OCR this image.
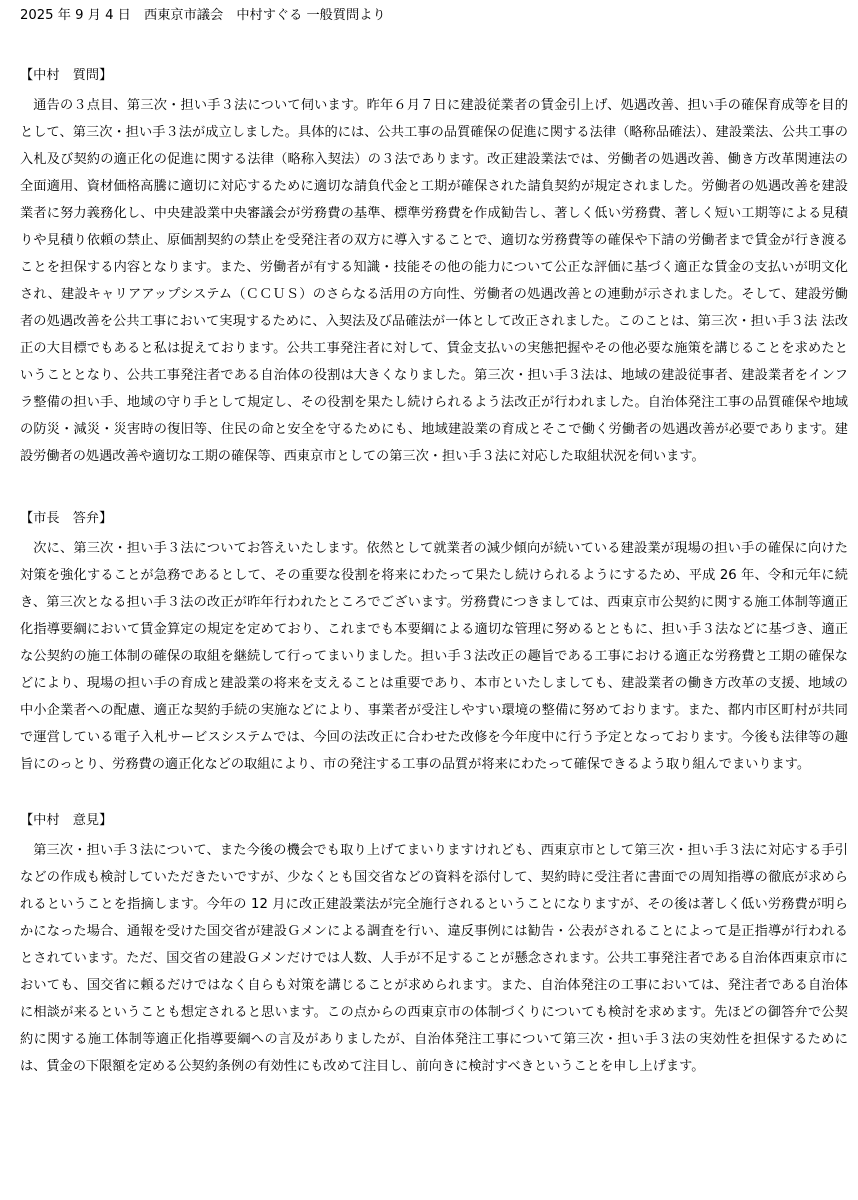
2025 年 9 月 4 日　西東京市議会　中村すぐる 一般質問より

【中村　質問】

通告の３点目、第三次・担い手３法について伺います。昨年６月７日に建設従業者の賃金引上げ、処遇改善、担い手の確保育成等を目的として、第三次・担い手３法が成立しました。具体的には、公共工事の品質確保の促進に関する法律（略称品確法）、建設業法、公共工事の入札及び契約の適正化の促進に関する法律（略称入契法）の３法であります。改正建設業法では、労働者の処遇改善、働き方改革関連法の全面適用、資材価格高騰に適切に対応するために適切な請負代金と工期が確保された請負契約が規定されました。労働者の処遇改善を建設業者に努力義務化し、中央建設業中央審議会が労務費の基準、標準労務費を作成勧告し、著しく低い労務費、著しく短い工期等による見積りや見積り依頼の禁止、原価割契約の禁止を受発注者の双方に導入することで、適切な労務費等の確保や下請の労働者まで賃金が行き渡ることを担保する内容となります。また、労働者が有する知識・技能その他の能力について公正な評価に基づく適正な賃金の支払いが明文化され、建設キャリアアップシステム（ＣＣＵＳ）のさらなる活用の方向性、労働者の処遇改善との連動が示されました。そして、建設労働者の処遇改善を公共工事において実現するために、入契法及び品確法が一体として改正されました。このことは、第三次・担い手３法 法改正の大目標でもあると私は捉えております。公共工事発注者に対して、賃金支払いの実態把握やその他必要な施策を講じることを求めたということとなり、公共工事発注者である自治体の役割は大きくなりました。第三次・担い手３法は、地域の建設従事者、建設業者をインフラ整備の担い手、地域の守り手として規定し、その役割を果たし続けられるよう法改正が行われました。自治体発注工事の品質確保や地域の防災・減災・災害時の復旧等、住民の命と安全を守るためにも、地域建設業の育成とそこで働く労働者の処遇改善が必要であります。建設労働者の処遇改善や適切な工期の確保等、西東京市としての第三次・担い手３法に対応した取組状況を伺います。

【市長　答弁】

次に、第三次・担い手３法についてお答えいたします。依然として就業者の減少傾向が続いている建設業が現場の担い手の確保に向けた対策を強化することが急務であるとして、その重要な役割を将来にわたって果たし続けられるようにするため、平成 26 年、令和元年に続き、第三次となる担い手３法の改正が昨年行われたところでございます。労務費につきましては、西東京市公契約に関する施工体制等適正化指導要綱において賃金算定の規定を定めており、これまでも本要綱による適切な管理に努めるとともに、担い手３法などに基づき、適正な公契約の施工体制の確保の取組を継続して行ってまいりました。担い手３法改正の趣旨である工事における適正な労務費と工期の確保などにより、現場の担い手の育成と建設業の将来を支えることは重要であり、本市といたしましても、建設業者の働き方改革の支援、地域の中小企業者への配慮、適正な契約手続の実施などにより、事業者が受注しやすい環境の整備に努めております。また、都内市区町村が共同で運営している電子入札サービスシステムでは、今回の法改正に合わせた改修を今年度中に行う予定となっております。今後も法律等の趣旨にのっとり、労務費の適正化などの取組により、市の発注する工事の品質が将来にわたって確保できるよう取り組んでまいります。

【中村　意見】

第三次・担い手３法について、また今後の機会でも取り上げてまいりますけれども、西東京市として第三次・担い手３法に対応する手引などの作成も検討していただきたいですが、少なくとも国交省などの資料を添付して、契約時に受注者に書面での周知指導の徹底が求められるということを指摘します。今年の 12 月に改正建設業法が完全施行されるということになりますが、その後は著しく低い労務費が明らかになった場合、通報を受けた国交省が建設Ｇメンによる調査を行い、違反事例には勧告・公表がされることによって是正指導が行われるとされています。ただ、国交省の建設Ｇメンだけでは人数、人手が不足することが懸念されます。公共工事発注者である自治体西東京市においても、国交省に頼るだけではなく自らも対策を講じることが求められます。また、自治体発注の工事においては、発注者である自治体に相談が来るということも想定されると思います。この点からの西東京市の体制づくりについても検討を求めます。先ほどの御答弁で公契約に関する施工体制等適正化指導要綱への言及がありましたが、自治体発注工事について第三次・担い手３法の実効性を担保するためには、賃金の下限額を定める公契約条例の有効性にも改めて注目し、前向きに検討すべきということを申し上げます。
